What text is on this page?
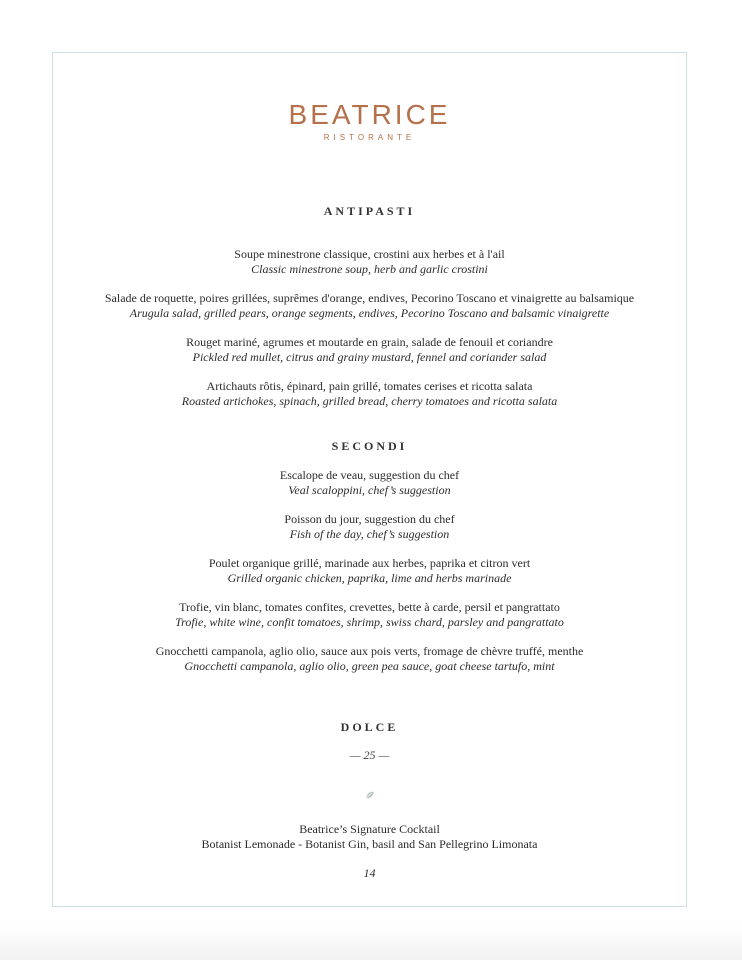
BEATRICE
RISTORANTE
ANTIPASTI
Soupe minestrone classique, crostini aux herbes et à l'ail
Classic minestrone soup, herb and garlic crostini
Salade de roquette, poires grillées, suprêmes d'orange, endives, Pecorino Toscano et vinaigrette au balsamique
Arugula salad, grilled pears, orange segments, endives, Pecorino Toscano and balsamic vinaigrette
Rouget mariné, agrumes et moutarde en grain, salade de fenouil et coriandre
Pickled red mullet, citrus and grainy mustard, fennel and coriander salad
Artichauts rôtis, épinard, pain grillé, tomates cerises et ricotta salata
Roasted artichokes, spinach, grilled bread, cherry tomatoes and ricotta salata
SECONDI
Escalope de veau, suggestion du chef
Veal scaloppini, chef’s suggestion
Poisson du jour, suggestion du chef
Fish of the day, chef’s suggestion
Poulet organique grillé, marinade aux herbes, paprika et citron vert
Grilled organic chicken, paprika, lime and herbs marinade
Trofie, vin blanc, tomates confites, crevettes, bette à carde, persil et pangrattato
Trofie, white wine, confit tomatoes, shrimp, swiss chard, parsley and pangrattato
Gnocchetti campanola, aglio olio, sauce aux pois verts, fromage de chèvre truffé, menthe
Gnocchetti campanola, aglio olio, green pea sauce, goat cheese tartufo, mint
DOLCE
— 25 —
Beatrice’s Signature Cocktail
Botanist Lemonade - Botanist Gin, basil and San Pellegrino Limonata
14
